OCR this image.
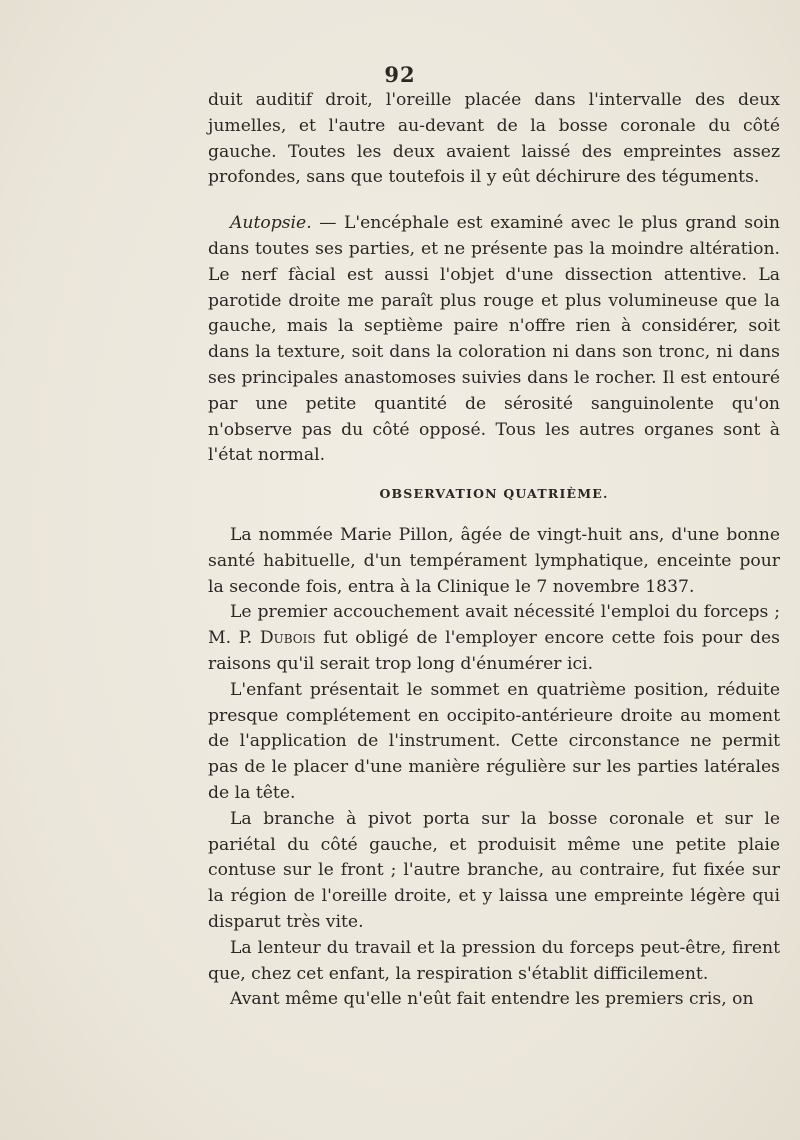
92

duit auditif droit, l'oreille placée dans l'intervalle des deux jumelles, et l'autre au-devant de la bosse coronale du côté gauche. Toutes les deux avaient laissé des empreintes assez profondes, sans que toutefois il y eût déchirure des téguments.

Autopsie. — L'encéphale est examiné avec le plus grand soin dans toutes ses parties, et ne présente pas la moindre altération. Le nerf fàcial est aussi l'objet d'une dissection attentive. La parotide droite me paraît plus rouge et plus volumineuse que la gauche, mais la septième paire n'offre rien à considérer, soit dans la texture, soit dans la coloration ni dans son tronc, ni dans ses principales anastomoses suivies dans le rocher. Il est entouré par une petite quantité de sérosité sanguinolente qu'on n'observe pas du côté opposé. Tous les autres organes sont à l'état normal.

OBSERVATION QUATRIÈME.

La nommée Marie Pillon, âgée de vingt-huit ans, d'une bonne santé habituelle, d'un tempérament lymphatique, enceinte pour la seconde fois, entra à la Clinique le 7 novembre 1837.

Le premier accouchement avait nécessité l'emploi du forceps ; M. P. Dubois fut obligé de l'employer encore cette fois pour des raisons qu'il serait trop long d'énumérer ici.

L'enfant présentait le sommet en quatrième position, réduite presque complétement en occipito-antérieure droite au moment de l'application de l'instrument. Cette circonstance ne permit pas de le placer d'une manière régulière sur les parties latérales de la tête.

La branche à pivot porta sur la bosse coronale et sur le pariétal du côté gauche, et produisit même une petite plaie contuse sur le front ; l'autre branche, au contraire, fut fixée sur la région de l'oreille droite, et y laissa une empreinte légère qui disparut très vite.

La lenteur du travail et la pression du forceps peut-être, firent que, chez cet enfant, la respiration s'établit difficilement.

Avant même qu'elle n'eût fait entendre les premiers cris, on
